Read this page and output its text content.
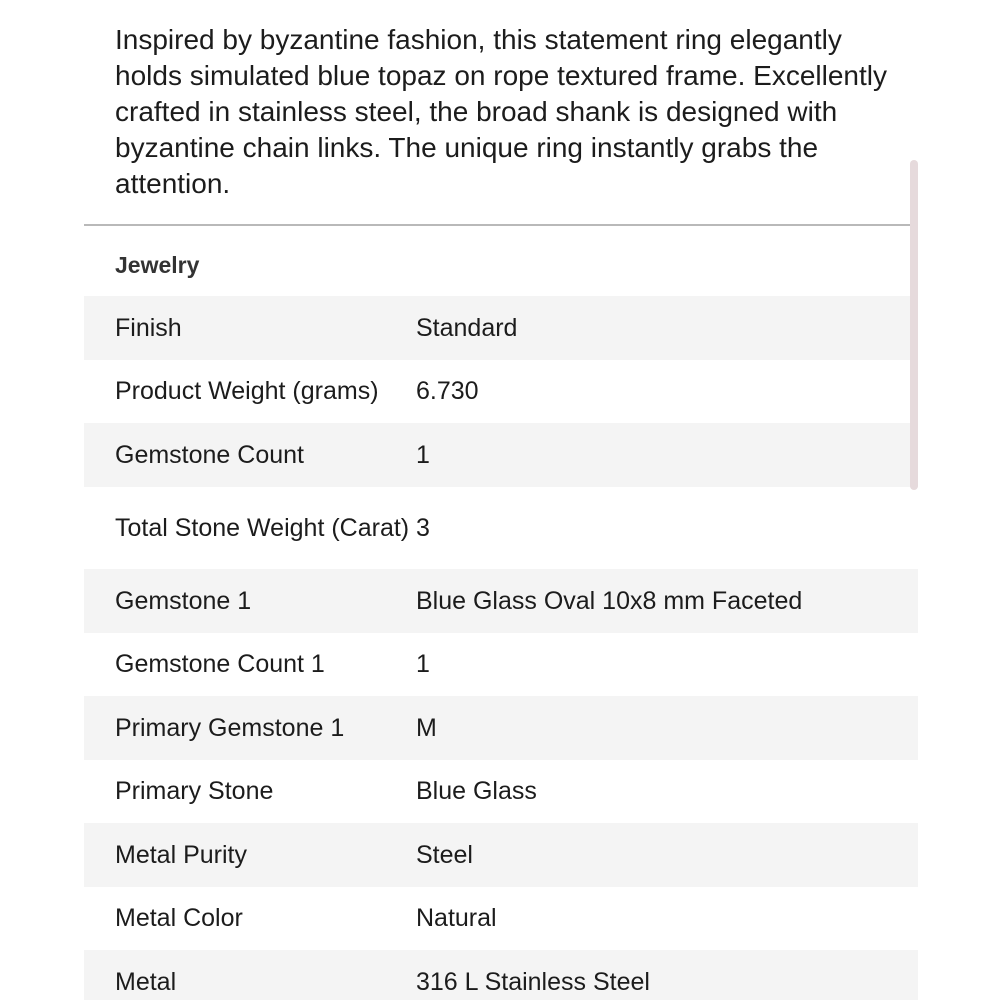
Inspired by byzantine fashion, this statement ring elegantly holds simulated blue topaz on rope textured frame. Excellently crafted in stainless steel, the broad shank is designed with byzantine chain links. The unique ring instantly grabs the attention.

Jewelry
Finish	Standard
Product Weight (grams)	6.730
Gemstone Count	1
Total Stone Weight (Carat) 3
Gemstone 1	Blue Glass Oval 10x8 mm Faceted
Gemstone Count 1	1
Primary Gemstone 1	M
Primary Stone	Blue Glass
Metal Purity	Steel
Metal Color	Natural
Metal	316 L Stainless Steel
